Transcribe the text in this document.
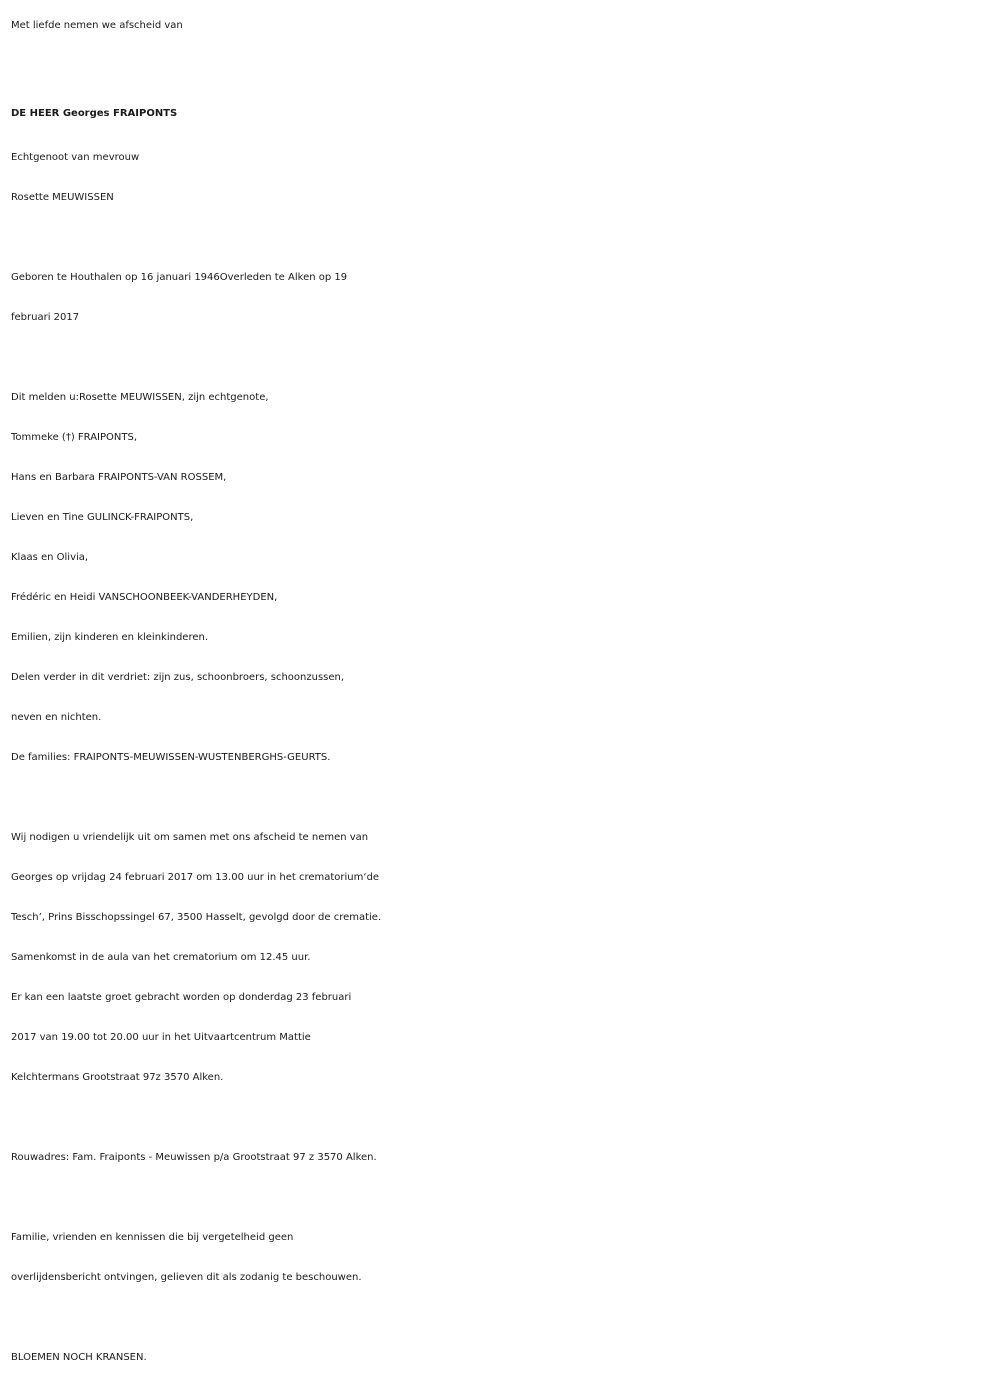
Met liefde nemen we afscheid van

DE HEER Georges FRAIPONTS

Echtgenoot van mevrouw

Rosette MEUWISSEN

Geboren te Houthalen op 16 januari 1946Overleden te Alken op 19

februari 2017

Dit melden u:Rosette MEUWISSEN, zijn echtgenote,

Tommeke (†) FRAIPONTS,

Hans en Barbara FRAIPONTS-VAN ROSSEM,

Lieven en Tine GULINCK-FRAIPONTS,

Klaas en Olivia,

Frédéric en Heidi VANSCHOONBEEK-VANDERHEYDEN,

Emilien, zijn kinderen en kleinkinderen.

Delen verder in dit verdriet: zijn zus, schoonbroers, schoonzussen,

neven en nichten.

De families: FRAIPONTS-MEUWISSEN-WUSTENBERGHS-GEURTS.

Wij nodigen u vriendelijk uit om samen met ons afscheid te nemen van

Georges op vrijdag 24 februari 2017 om 13.00 uur in het crematorium‘de

Tesch’, Prins Bisschopssingel 67, 3500 Hasselt, gevolgd door de crematie.

Samenkomst in de aula van het crematorium om 12.45 uur.

Er kan een laatste groet gebracht worden op donderdag 23 februari

2017 van 19.00 tot 20.00 uur in het Uitvaartcentrum Mattie

Kelchtermans Grootstraat 97z 3570 Alken.

Rouwadres: Fam. Fraiponts - Meuwissen p/a Grootstraat 97 z 3570 Alken.

Familie, vrienden en kennissen die bij vergetelheid geen

overlijdensbericht ontvingen, gelieven dit als zodanig te beschouwen.

BLOEMEN NOCH KRANSEN.
